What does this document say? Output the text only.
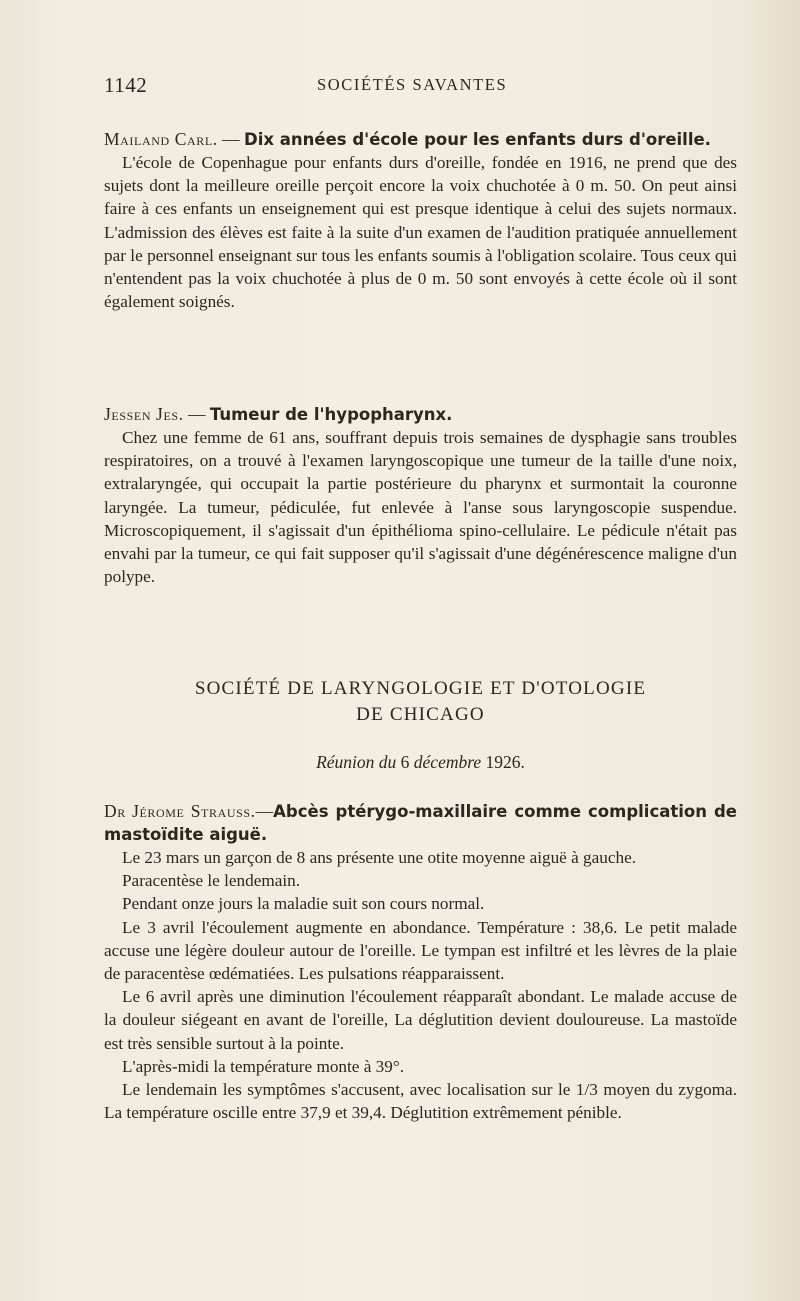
1142	SOCIÉTÉS SAVANTES

Mailand Carl. — Dix années d'école pour les enfants durs d'oreille.

L'école de Copenhague pour enfants durs d'oreille, fondée en 1916, ne prend que des sujets dont la meilleure oreille perçoit encore la voix chuchotée à 0 m. 50. On peut ainsi faire à ces enfants un enseignement qui est presque identique à celui des sujets normaux. L'admission des élèves est faite à la suite d'un examen de l'audition pratiquée annuellement par le personnel enseignant sur tous les enfants soumis à l'obligation scolaire. Tous ceux qui n'entendent pas la voix chuchotée à plus de 0 m. 50 sont envoyés à cette école où il sont également soignés.

Jessen Jes. — Tumeur de l'hypopharynx.

Chez une femme de 61 ans, souffrant depuis trois semaines de dysphagie sans troubles respiratoires, on a trouvé à l'examen laryngoscopique une tumeur de la taille d'une noix, extralaryngée, qui occupait la partie postérieure du pharynx et surmontait la couronne laryngée. La tumeur, pédiculée, fut enlevée à l'anse sous laryngoscopie suspendue. Microscopiquement, il s'agissait d'un épithélioma spino-cellulaire. Le pédicule n'était pas envahi par la tumeur, ce qui fait supposer qu'il s'agissait d'une dégénérescence maligne d'un polype.

SOCIÉTÉ DE LARYNGOLOGIE ET D'OTOLOGIE
DE CHICAGO
Réunion du 6 décembre 1926.

Dr Jérome Strauss.—Abcès ptérygo-maxillaire comme complication de mastoïdite aiguë.

Le 23 mars un garçon de 8 ans présente une otite moyenne aiguë à gauche.

Paracentèse le lendemain.

Pendant onze jours la maladie suit son cours normal.

Le 3 avril l'écoulement augmente en abondance. Température : 38,6. Le petit malade accuse une légère douleur autour de l'oreille. Le tympan est infiltré et les lèvres de la plaie de paracentèse œdématiées. Les pulsations réapparaissent.

Le 6 avril après une diminution l'écoulement réapparaît abondant. Le malade accuse de la douleur siégeant en avant de l'oreille, La déglutition devient douloureuse. La mastoïde est très sensible surtout à la pointe.

L'après-midi la température monte à 39°.

Le lendemain les symptômes s'accusent, avec localisation sur le 1/3 moyen du zygoma. La température oscille entre 37,9 et 39,4. Déglutition extrêmement pénible.
